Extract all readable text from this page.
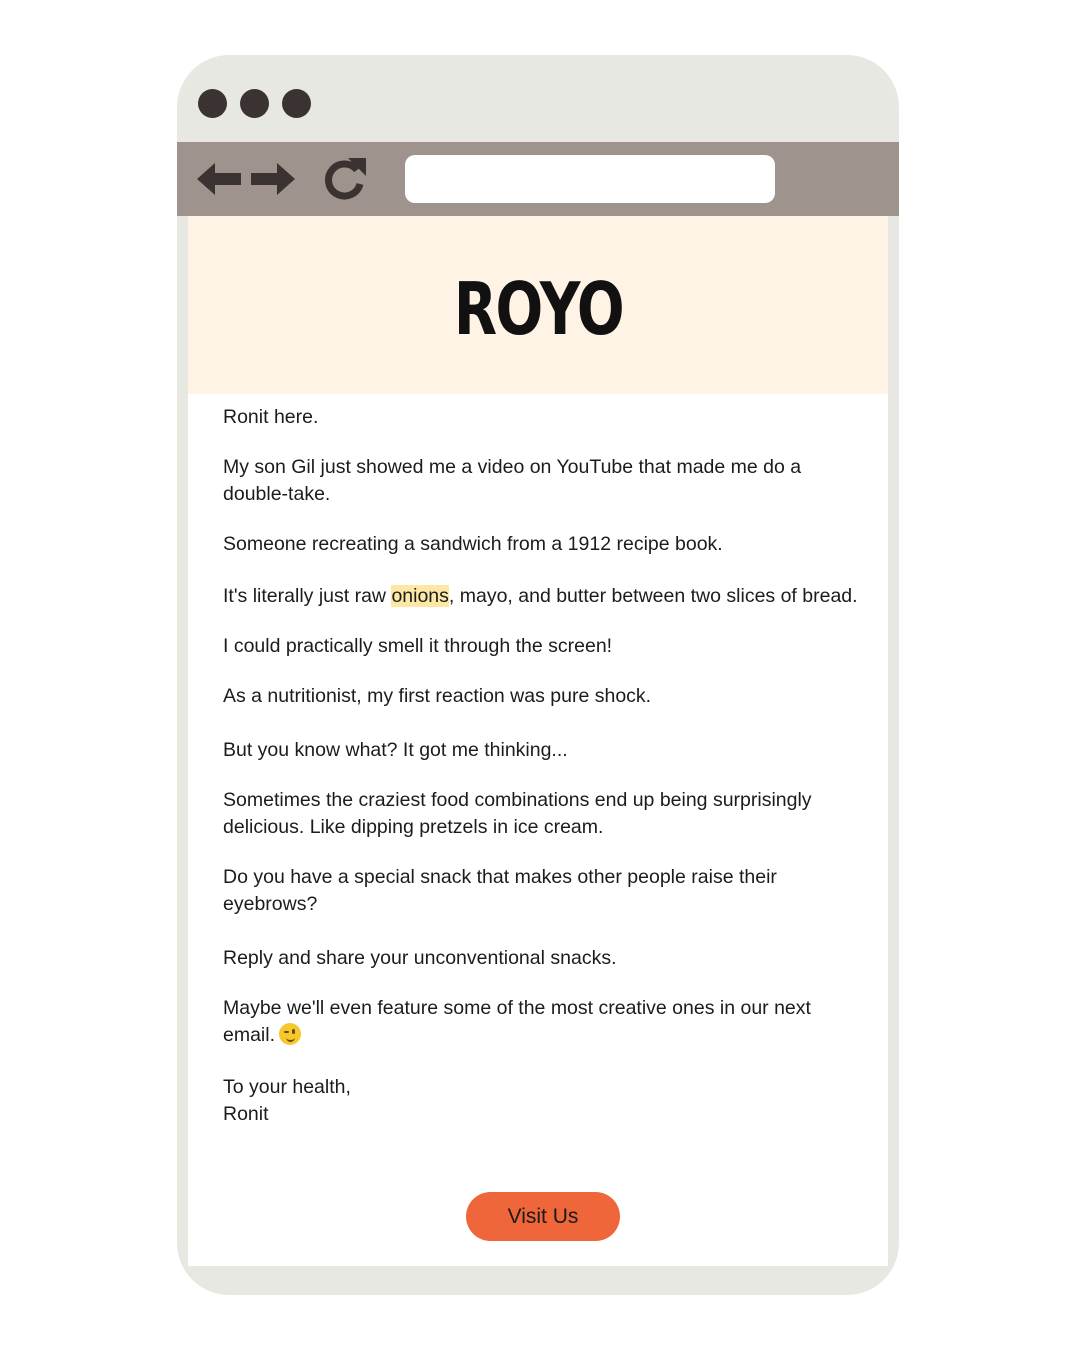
ROYO

Ronit here.

My son Gil just showed me a video on YouTube that made me do a double-take.

Someone recreating a sandwich from a 1912 recipe book.

It's literally just raw onions, mayo, and butter between two slices of bread.

I could practically smell it through the screen!

As a nutritionist, my first reaction was pure shock.

But you know what? It got me thinking...

Sometimes the craziest food combinations end up being surprisingly delicious. Like dipping pretzels in ice cream.

Do you have a special snack that makes other people raise their eyebrows?

Reply and share your unconventional snacks.

Maybe we'll even feature some of the most creative ones in our next email.

To your health,

Ronit

Visit Us
